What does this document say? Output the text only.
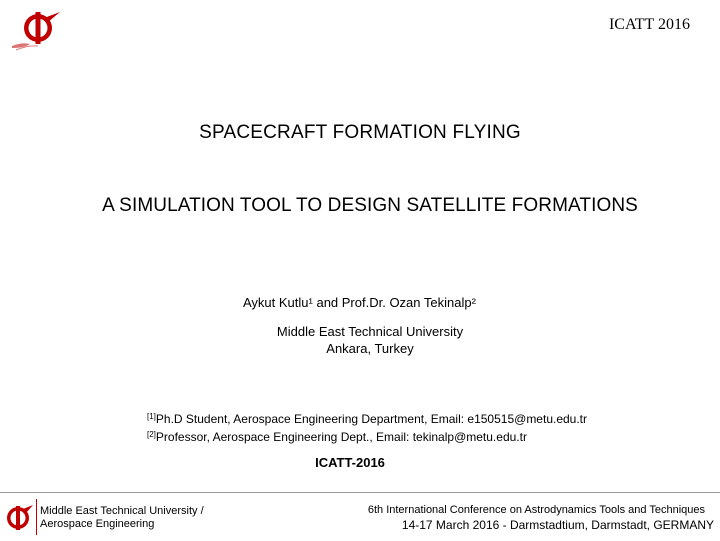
ICATT 2016
SPACECRAFT FORMATION FLYING
A SIMULATION TOOL TO DESIGN SATELLITE FORMATIONS
Aykut Kutlu¹ and Prof.Dr. Ozan Tekinalp²
Middle East Technical University
Ankara, Turkey
[1]Ph.D Student, Aerospace Engineering Department, Email: e150515@metu.edu.tr
[2]Professor, Aerospace Engineering Dept., Email: tekinalp@metu.edu.tr
ICATT-2016
Middle East Technical University /
Aerospace Engineering
6th International Conference on Astrodynamics Tools and Techniques
14-17 March 2016 - Darmstadtium, Darmstadt, GERMANY
